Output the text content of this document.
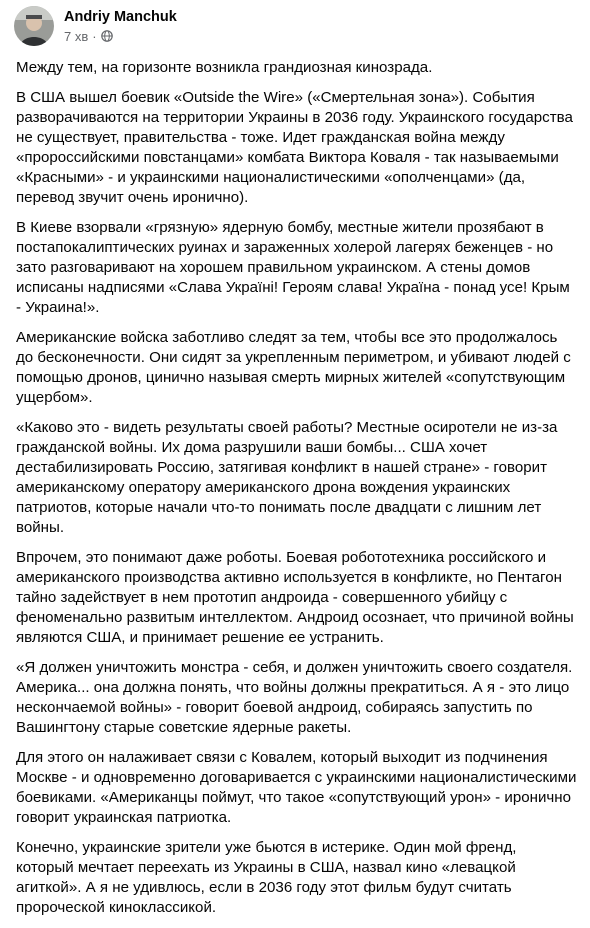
Andriy Manchuk
7 хв ·

Между тем, на горизонте возникла грандиозная кинозрада.

В США вышел боевик «Outside the Wire» («Смертельная зона»). События разворачиваются на территории Украины в 2036 году. Украинского государства не существует, правительства - тоже. Идет гражданская война между «пророссийскими повстанцами» комбата Виктора Коваля - так называемыми «Красными» - и украинскими националистическими «ополченцами» (да, перевод звучит очень иронично).

В Киеве взорвали «грязную» ядерную бомбу, местные жители прозябают в постапокалиптических руинах и зараженных холерой лагерях беженцев - но зато разговаривают на хорошем правильном украинском. А стены домов исписаны надписями «Слава Україні! Героям слава! Україна - понад усе! Крым - Украина!».

Американские войска заботливо следят за тем, чтобы все это продолжалось до бесконечности. Они сидят за укрепленным периметром, и убивают людей с помощью дронов, цинично называя смерть мирных жителей «сопутствующим ущербом».

«Каково это - видеть результаты своей работы? Местные осиротели не из-за гражданской войны. Их дома разрушили ваши бомбы... США хочет дестабилизировать Россию, затягивая конфликт в нашей стране» - говорит американскому оператору американского дрона вождения украинских патриотов, которые начали что-то понимать после двадцати с лишним лет войны.

Впрочем, это понимают даже роботы. Боевая робототехника российского и американского производства активно используется в конфликте, но Пентагон тайно задействует в нем прототип андроида - совершенного убийцу с феноменально развитым интеллектом. Андроид осознает, что причиной войны являются США, и принимает решение ее устранить.

«Я должен уничтожить монстра - себя, и должен уничтожить своего создателя. Америка... она должна понять, что войны должны прекратиться. А я - это лицо нескончаемой войны» - говорит боевой андроид, собираясь запустить по Вашингтону старые советские ядерные ракеты.

Для этого он налаживает связи с Ковалем, который выходит из подчинения Москве - и одновременно договаривается с украинскими националистическими боевиками. «Американцы поймут, что такое «сопутствующий урон» - иронично говорит украинская патриотка.

Конечно, украинские зрители уже бьются в истерике. Один мой френд, который мечтает переехать из Украины в США, назвал кино «левацкой агиткой». А я не удивлюсь, если в 2036 году этот фильм будут считать пророческой киноклассикой.
